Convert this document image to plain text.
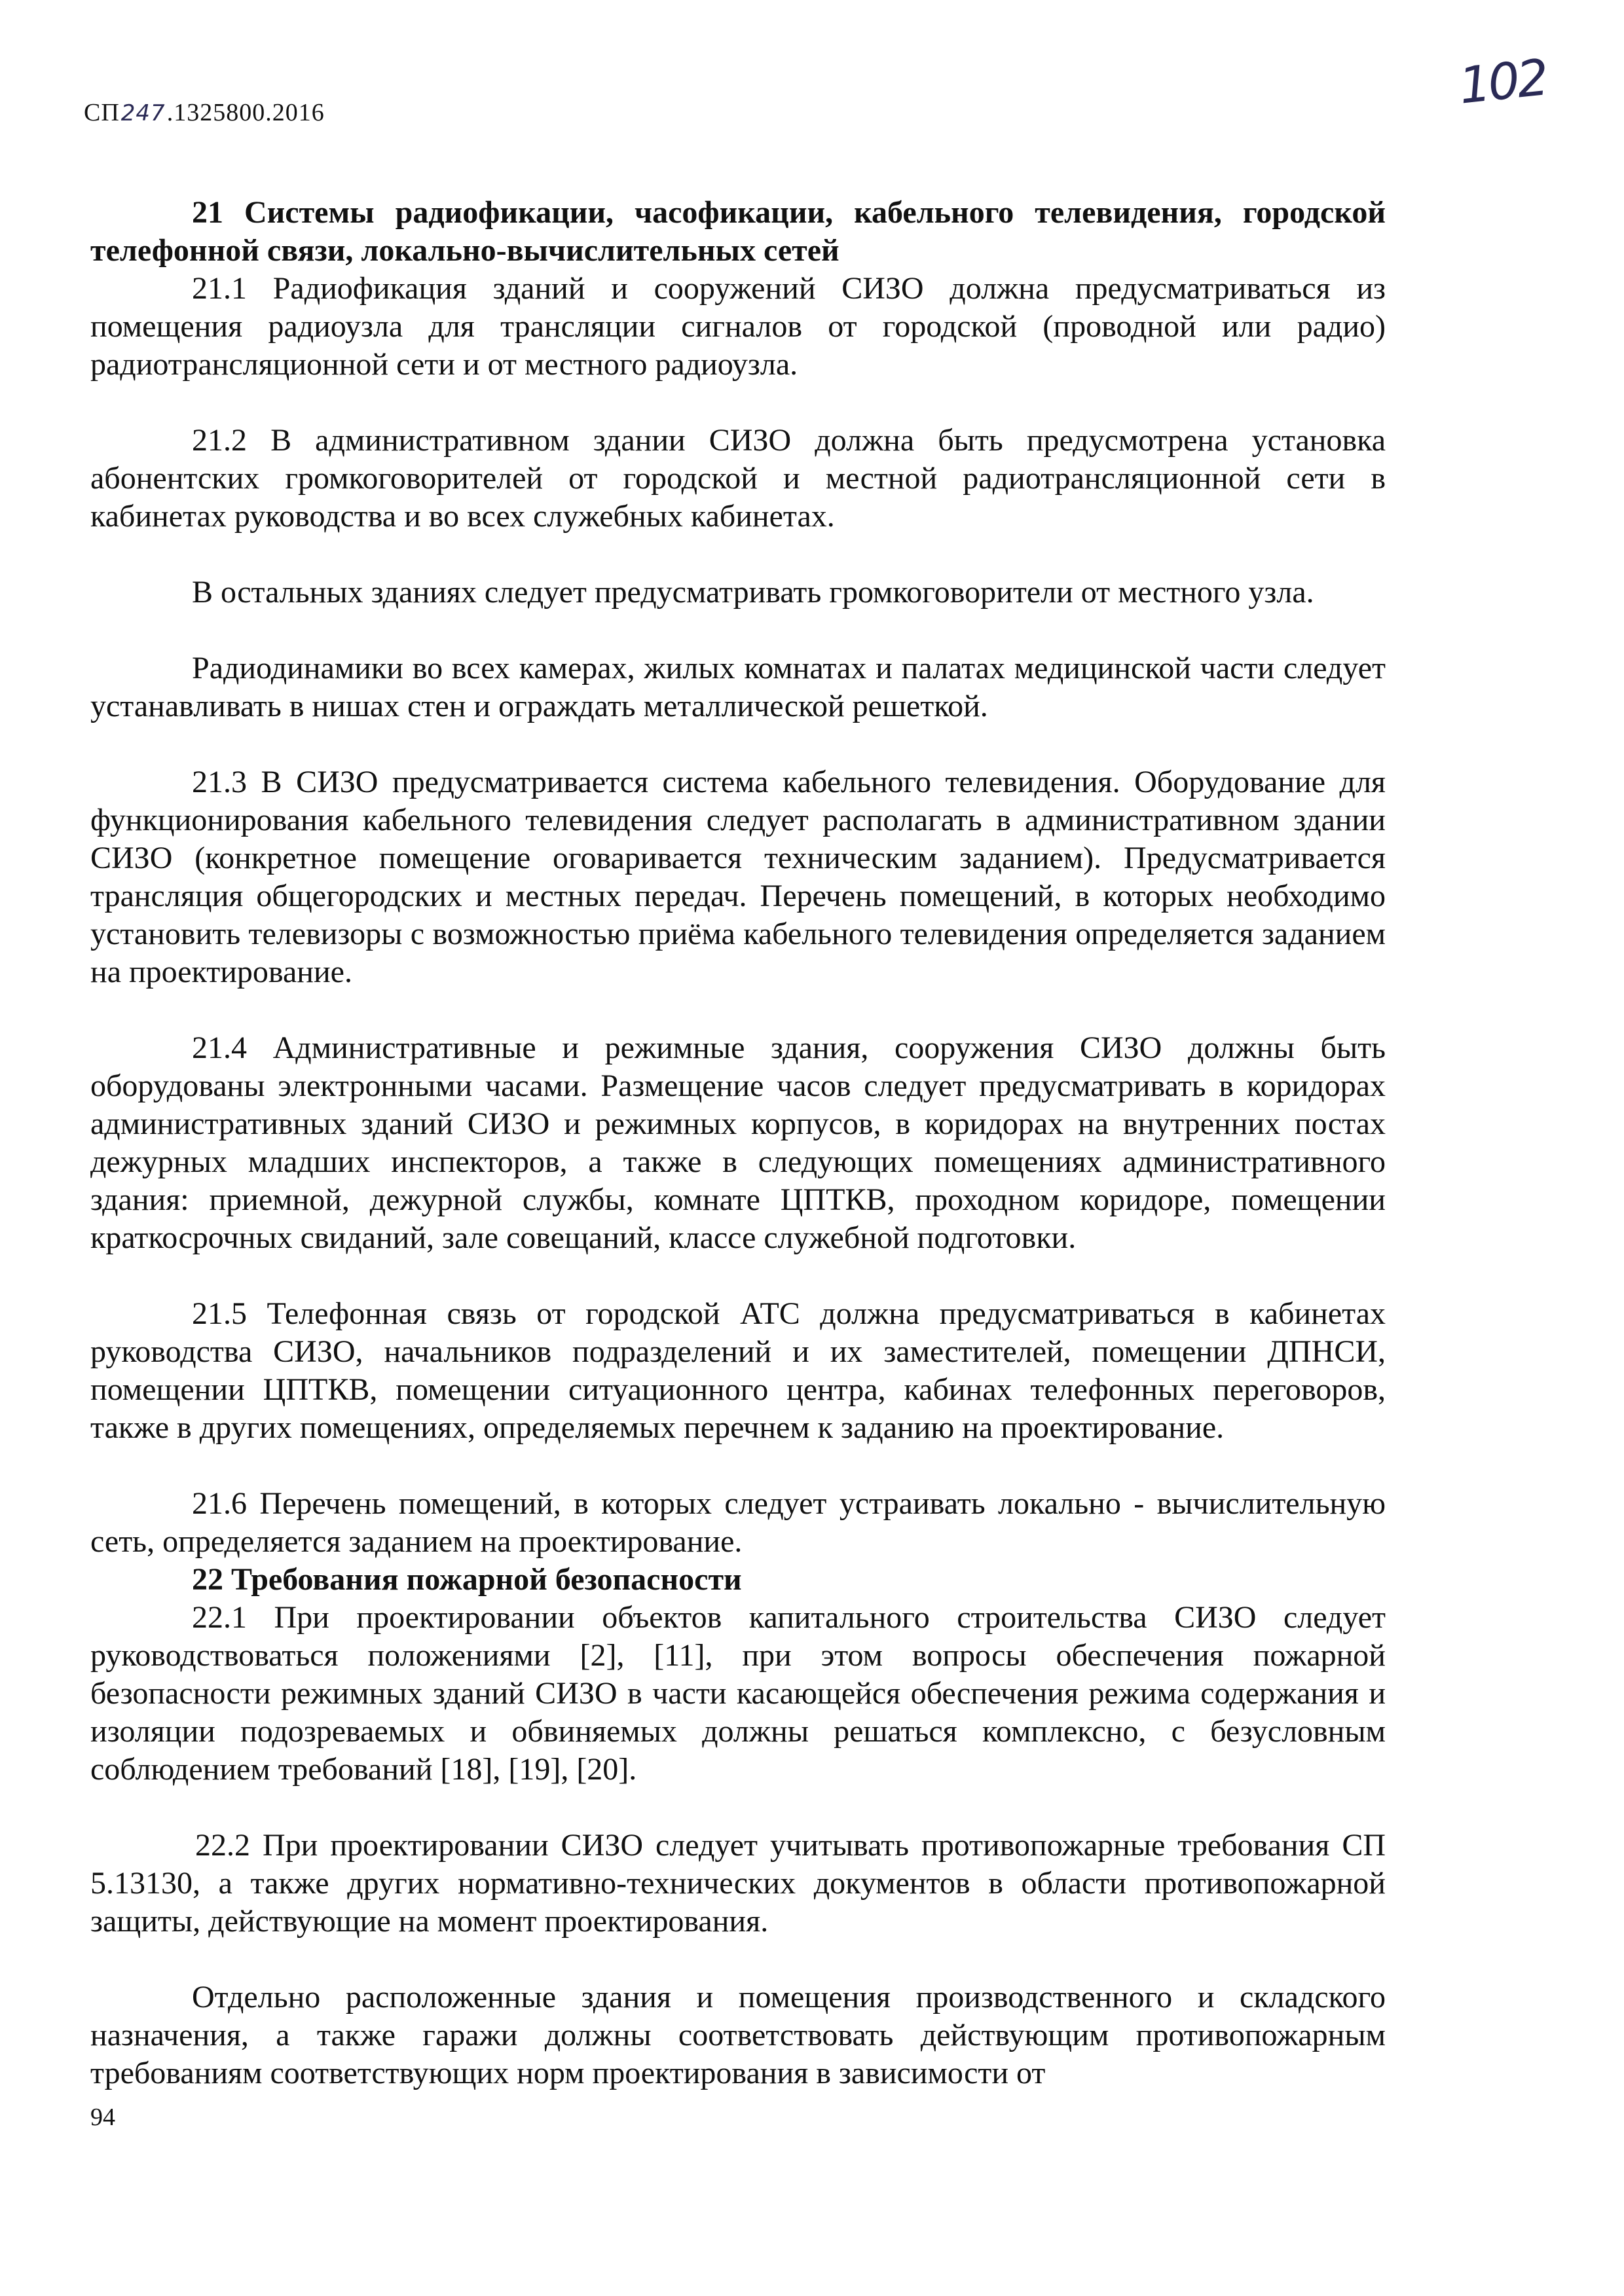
СП247.1325800.2016	102
21 Системы радиофикации, часофикации, кабельного телевидения, городской телефонной связи, локально-вычислительных сетей

21.1 Радиофикация зданий и сооружений СИЗО должна предусматриваться из помещения радиоузла для трансляции сигналов от городской (проводной или радио) радиотрансляционной сети и от местного радиоузла.

21.2 В административном здании СИЗО должна быть предусмотрена установка абонентских громкоговорителей от городской и местной радиотрансляционной сети в кабинетах руководства и во всех служебных кабинетах.

В остальных зданиях следует предусматривать громкоговорители от местного узла.

Радиодинамики во всех камерах, жилых комнатах и палатах медицинской части следует устанавливать в нишах стен и ограждать металлической решеткой.

21.3 В СИЗО предусматривается система кабельного телевидения. Оборудование для функционирования кабельного телевидения следует располагать в административном здании СИЗО (конкретное помещение оговаривается техническим заданием). Предусматривается трансляция общегородских и местных передач. Перечень помещений, в которых необходимо установить телевизоры с возможностью приёма кабельного телевидения определяется заданием на проектирование.

21.4 Административные и режимные здания, сооружения СИЗО должны быть оборудованы электронными часами. Размещение часов следует предусматривать в коридорах административных зданий СИЗО и режимных корпусов, в коридорах на внутренних постах дежурных младших инспекторов, а также в следующих помещениях административного здания: приемной, дежурной службы, комнате ЦПТКВ, проходном коридоре, помещении краткосрочных свиданий, зале совещаний, классе служебной подготовки.

21.5 Телефонная связь от городской АТС должна предусматриваться в кабинетах руководства СИЗО, начальников подразделений и их заместителей, помещении ДПНСИ, помещении ЦПТКВ, помещении ситуационного центра, кабинах телефонных переговоров, также в других помещениях, определяемых перечнем к заданию на проектирование.

21.6 Перечень помещений, в которых следует устраивать локально - вычислительную сеть, определяется заданием на проектирование.

22 Требования пожарной безопасности

22.1 При проектировании объектов капитального строительства СИЗО следует руководствоваться положениями [2], [11], при этом вопросы обеспечения пожарной безопасности режимных зданий СИЗО в части касающейся обеспечения режима содержания и изоляции подозреваемых и обвиняемых должны решаться комплексно, с безусловным соблюдением требований [18], [19], [20].

22.2 При проектировании СИЗО следует учитывать противопожарные требования СП 5.13130, а также других нормативно-технических документов в области противопожарной защиты, действующие на момент проектирования.

Отдельно расположенные здания и помещения производственного и складского назначения, а также гаражи должны соответствовать действующим противопожарным требованиям соответствующих норм проектирования в зависимости от

94
